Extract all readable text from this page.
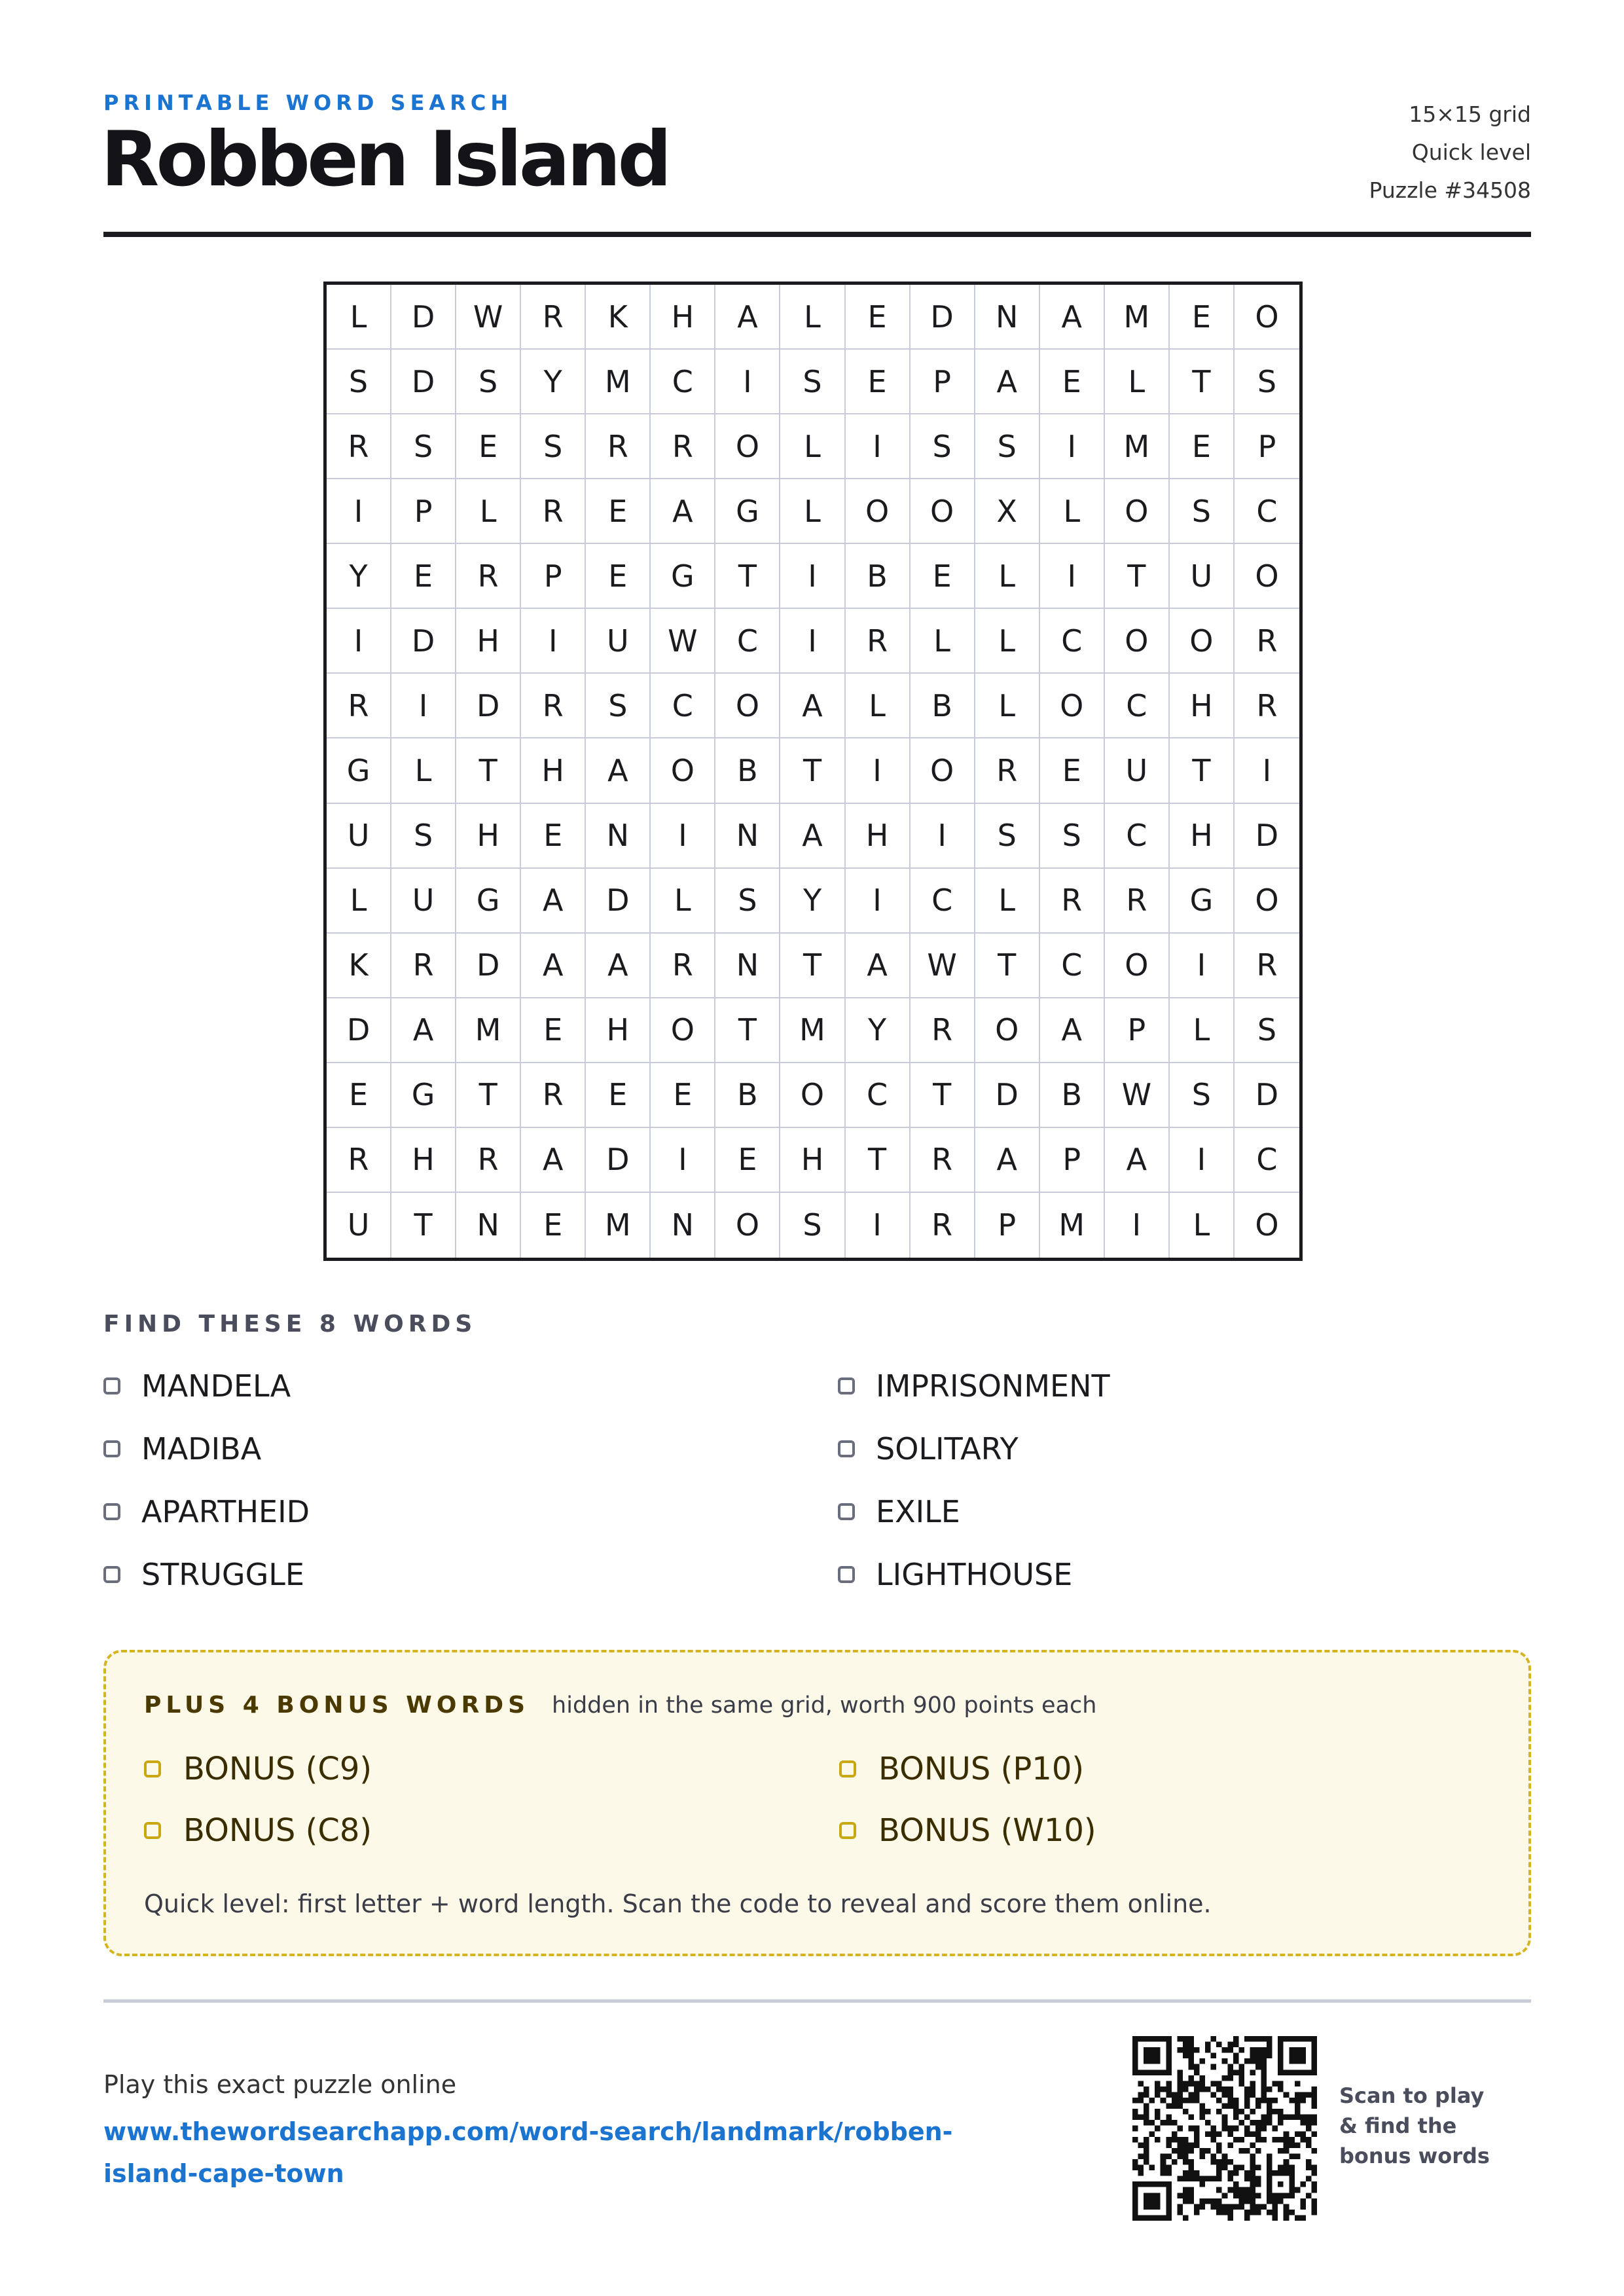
PRINTABLE WORD SEARCH
Robben Island
15×15 grid
Quick level
Puzzle #34508
L	D	W	R	K	H	A	L	E	D	N	A	M	E	O
S	D	S	Y	M	C	I	S	E	P	A	E	L	T	S
R	S	E	S	R	R	O	L	I	S	S	I	M	E	P
I	P	L	R	E	A	G	L	O	O	X	L	O	S	C
Y	E	R	P	E	G	T	I	B	E	L	I	T	U	O
I	D	H	I	U	W	C	I	R	L	L	C	O	O	R
R	I	D	R	S	C	O	A	L	B	L	O	C	H	R
G	L	T	H	A	O	B	T	I	O	R	E	U	T	I
U	S	H	E	N	I	N	A	H	I	S	S	C	H	D
L	U	G	A	D	L	S	Y	I	C	L	R	R	G	O
K	R	D	A	A	R	N	T	A	W	T	C	O	I	R
D	A	M	E	H	O	T	M	Y	R	O	A	P	L	S
E	G	T	R	E	E	B	O	C	T	D	B	W	S	D
R	H	R	A	D	I	E	H	T	R	A	P	A	I	C
U	T	N	E	M	N	O	S	I	R	P	M	I	L	O
FIND THESE 8 WORDS
MANDELA	IMPRISONMENT
MADIBA	SOLITARY
APARTHEID	EXILE
STRUGGLE	LIGHTHOUSE
PLUS 4 BONUS WORDS hidden in the same grid, worth 900 points each
BONUS (C9)	BONUS (P10)
BONUS (C8)	BONUS (W10)
Quick level: first letter + word length. Scan the code to reveal and score them online.
Play this exact puzzle online
www.thewordsearchapp.com/word-search/landmark/robben-island-cape-town
Scan to play & find the bonus words
